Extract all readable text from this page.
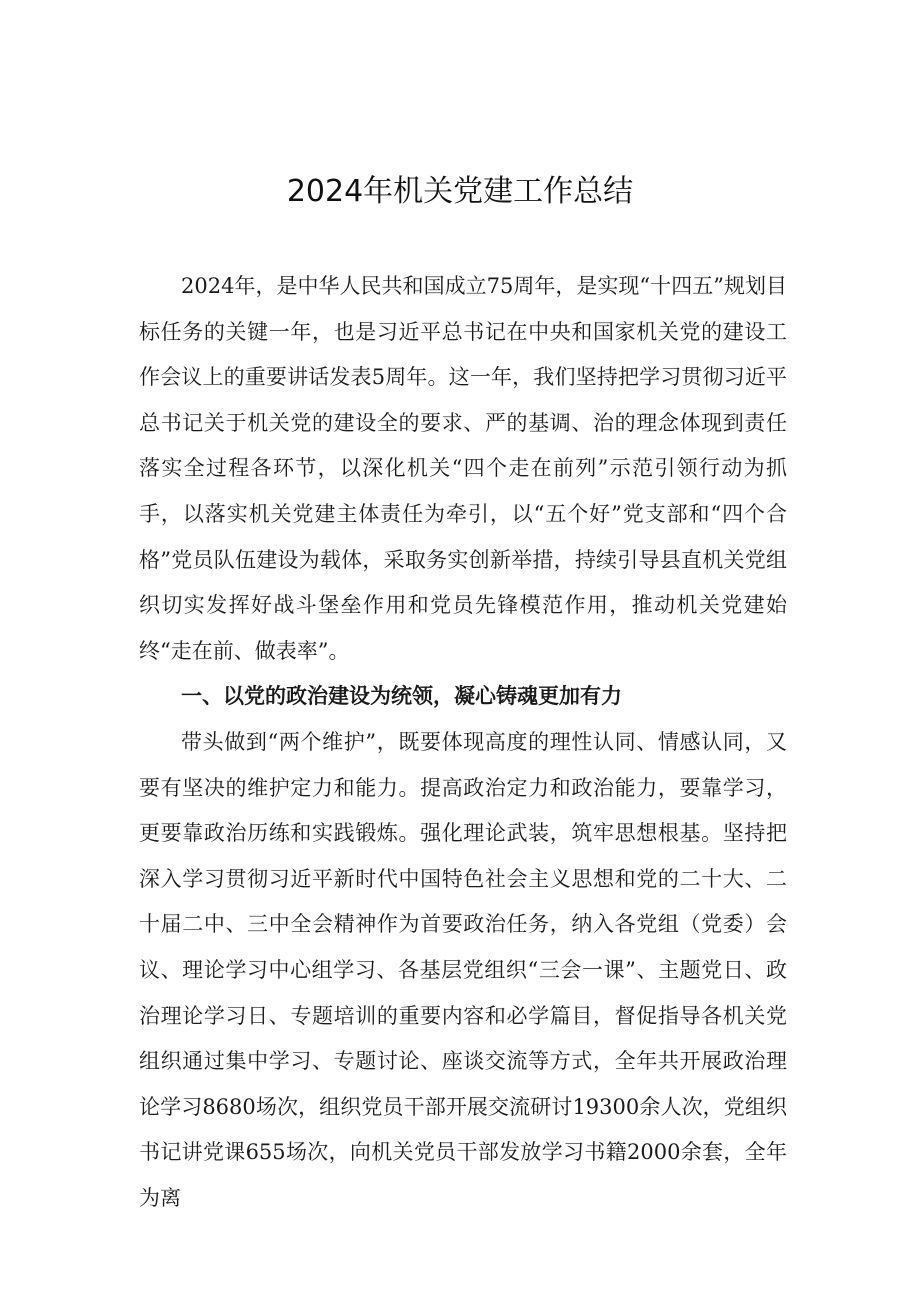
2024年机关党建工作总结

2024年，是中华人民共和国成立75周年，是实现“十四五”规划目标任务的关键一年，也是习近平总书记在中央和国家机关党的建设工作会议上的重要讲话发表5周年。这一年，我们坚持把学习贯彻习近平总书记关于机关党的建设全的要求、严的基调、治的理念体现到责任落实全过程各环节，以深化机关“四个走在前列”示范引领行动为抓手，以落实机关党建主体责任为牵引，以“五个好”党支部和“四个合格”党员队伍建设为载体，采取务实创新举措，持续引导县直机关党组织切实发挥好战斗堡垒作用和党员先锋模范作用，推动机关党建始终“走在前、做表率”。

一、以党的政治建设为统领，凝心铸魂更加有力

带头做到“两个维护”，既要体现高度的理性认同、情感认同，又要有坚决的维护定力和能力。提高政治定力和政治能力，要靠学习，更要靠政治历练和实践锻炼。强化理论武装，筑牢思想根基。坚持把深入学习贯彻习近平新时代中国特色社会主义思想和党的二十大、二十届二中、三中全会精神作为首要政治任务，纳入各党组（党委）会议、理论学习中心组学习、各基层党组织“三会一课”、主题党日、政治理论学习日、专题培训的重要内容和必学篇目，督促指导各机关党组织通过集中学习、专题讨论、座谈交流等方式，全年共开展政治理论学习8680场次，组织党员干部开展交流研讨19300余人次，党组织书记讲党课655场次，向机关党员干部发放学习书籍2000余套，全年为离
